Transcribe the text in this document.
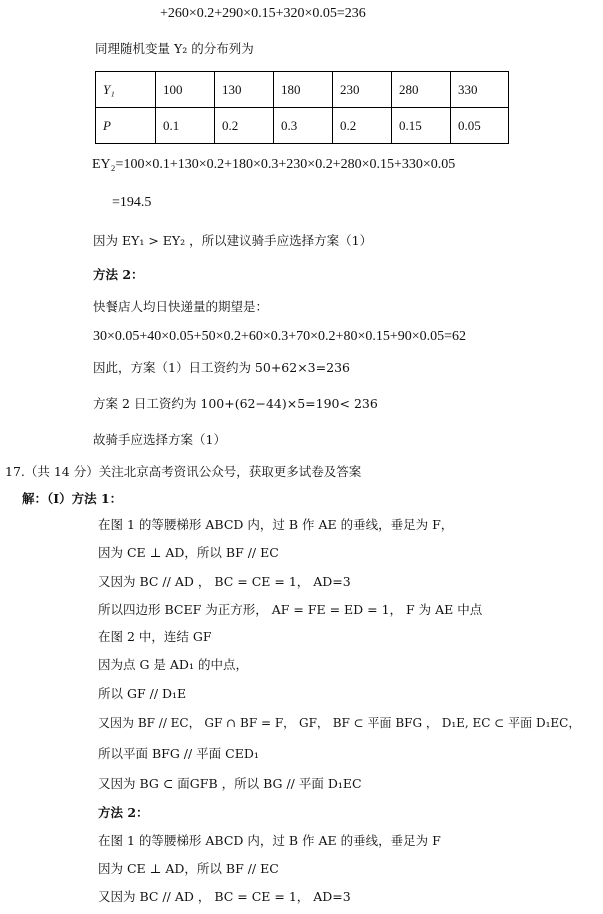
+260×0.2+290×0.15+320×0.05=236
同理随机变量 Y₂ 的分布列为
Y₁	100	130	180	230	280	330
P	0.1	0.2	0.3	0.2	0.15	0.05
EY₂=100×0.1+130×0.2+180×0.3+230×0.2+280×0.15+330×0.05
=194.5
因为 EY₁ > EY₂ ，所以建议骑手应选择方案（1）
方法 2：
快餐店人均日快递量的期望是：
30×0.05+40×0.05+50×0.2+60×0.3+70×0.2+80×0.15+90×0.05=62
因此，方案（1）日工资约为 50+62×3=236
方案 2 日工资约为 100+(62−44)×5=190< 236
故骑手应选择方案（1）
17.（共 14 分）关注北京高考资讯公众号，获取更多试卷及答案
解：（I）方法 1：
在图 1 的等腰梯形 ABCD 内，过 B 作 AE 的垂线，垂足为 F，
因为 CE ⊥ AD，所以 BF // EC
又因为 BC // AD ， BC = CE = 1， AD=3
所以四边形 BCEF 为正方形， AF = FE = ED = 1， F 为 AE 中点
在图 2 中，连结 GF
因为点 G 是 AD₁ 的中点，
所以 GF // D₁E
又因为 BF // EC， GF ∩ BF = F， GF， BF ⊂ 平面 BFG ， D₁E, EC ⊂ 平面 D₁EC，
所以平面 BFG // 平面 CED₁
又因为 BG ⊂ 面GFB ，所以 BG // 平面 D₁EC
方法 2：
在图 1 的等腰梯形 ABCD 内，过 B 作 AE 的垂线，垂足为 F
因为 CE ⊥ AD，所以 BF // EC
又因为 BC // AD ， BC = CE = 1， AD=3
